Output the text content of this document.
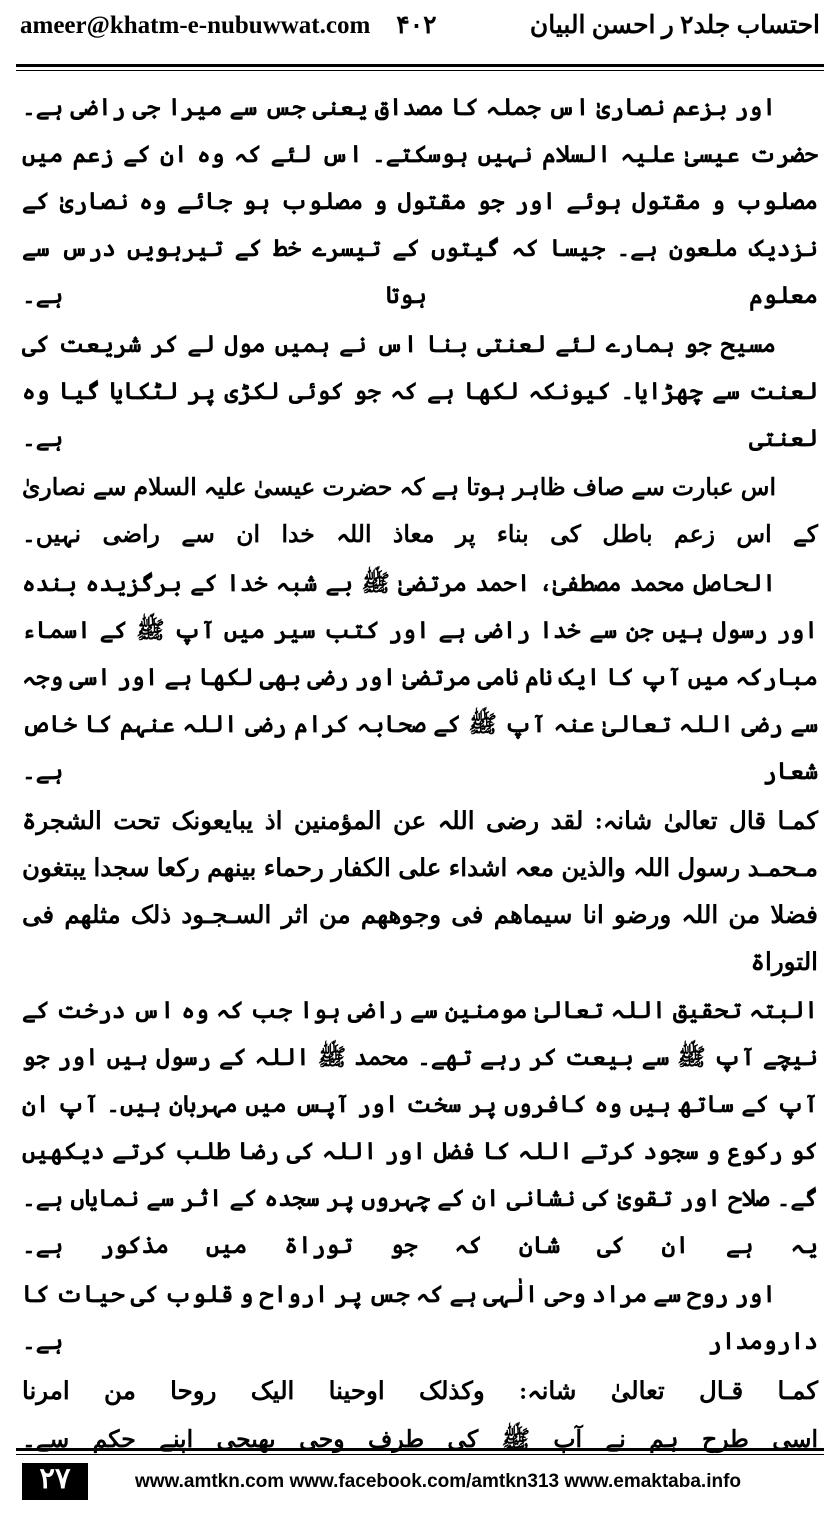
احتساب جلد۲ ر احسن البیان
۴۰۲
ameer@khatm-e-nubuwwat.com

اور بزعم نصاریٰ اس جملہ کا مصداق یعنی جس سے میرا جی راضی ہے۔ حضرت عیسیٰ علیہ السلام نہیں ہوسکتے۔ اس لئے کہ وہ ان کے زعم میں مصلوب و مقتول ہوئے اور جو مقتول و مصلوب ہو جائے وہ نصاریٰ کے نزدیک ملعون ہے۔ جیسا کہ گیتوں کے تیسرے خط کے تیرہویں درس سے معلوم ہوتا ہے۔

مسیح جو ہمارے لئے لعنتی بنا اس نے ہمیں مول لے کر شریعت کی لعنت سے چھڑایا۔ کیونکہ لکھا ہے کہ جو کوئی لکڑی پر لٹکایا گیا وہ لعنتی ہے۔

اس عبارت سے صاف ظاہر ہوتا ہے کہ حضرت عیسیٰ علیہ السلام سے نصاریٰ کے اس زعم باطل کی بناء پر معاذ اللہ خدا ان سے راضی نہیں۔

الحاصل محمد مصطفیٰ، احمد مرتضیٰ ﷺ بے شبہ خدا کے برگزیدہ بندہ اور رسول ہیں جن سے خدا راضی ہے اور کتب سیر میں آپ ﷺ کے اسماء مبارکہ میں آپ کا ایک نام نامی مرتضیٰ اور رضی بھی لکھا ہے اور اسی وجہ سے رضی اللہ تعالیٰ عنہ آپ ﷺ کے صحابہ کرام رضی اللہ عنہم کا خاص شعار ہے۔

کمـا قال تعالیٰ شانہ: لقد رضی اللہ عن المؤمنین اذ یبایعونک تحت الشجرۃ مـحمـد رسول اللہ والذین معہ اشداء علی الکفار رحماء بینھم رکعا سجدا یبتغون فضلا من اللہ ورضو انا سیماھم فی وجوھھم من اثر السـجـود ذلک مثلھم فی التوراۃ

البتہ تحقیق اللہ تعالیٰ مومنین سے راضی ہوا جب کہ وہ اس درخت کے نیچے آپ ﷺ سے بیعت کر رہے تھے۔ محمد ﷺ اللہ کے رسول ہیں اور جو آپ کے ساتھ ہیں وہ کافروں پر سخت اور آپس میں مہربان ہیں۔ آپ ان کو رکوع و سجود کرتے اللہ کا فضل اور اللہ کی رضا طلب کرتے دیکھیں گے۔ صلاح اور تقویٰ کی نشانی ان کے چہروں پر سجدہ کے اثر سے نمایاں ہے۔ یہ ہے ان کی شان کہ جو توراۃ میں مذکور ہے۔

اور روح سے مراد وحی الٰہی ہے کہ جس پر ارواح و قلوب کی حیات کا دارومدار ہے۔

کمـا قـال تعالیٰ شانہ: وکذلک اوحینا الیک روحا من امرنا

اسی طرح ہم نے آپ ﷺ کی طرف وحی بھیجی اپنے حکم سے۔

۲۷	www.amtkn.com www.facebook.com/amtkn313 www.emaktaba.info
